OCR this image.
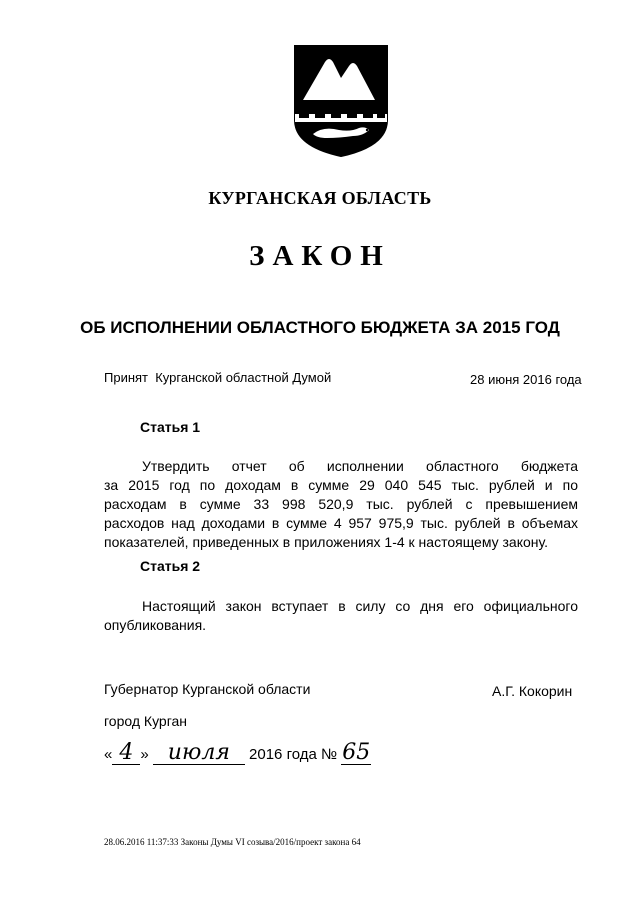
КУРГАНСКАЯ ОБЛАСТЬ
ЗАКОН
ОБ ИСПОЛНЕНИИ ОБЛАСТНОГО БЮДЖЕТА ЗА 2015 ГОД
Принят  Курганской областной Думой	28 июня 2016 года
Статья 1
Утвердить отчет об исполнении областного бюджета
за 2015 год по доходам в сумме 29 040 545 тыс. рублей и по
расходам в сумме 33 998 520,9 тыс. рублей с превышением
расходов над доходами в сумме 4 957 975,9 тыс. рублей в объемах
показателей, приведенных в приложениях 1-4 к настоящему закону.
Статья 2
Настоящий закон вступает в силу со дня его официального
опубликования.
Губернатор Курганской области	А.Г. Кокорин
город Курган
« 4 » июля 2016 года № 65
28.06.2016 11:37:33 Законы Думы VI созыва/2016/проект закона 64
